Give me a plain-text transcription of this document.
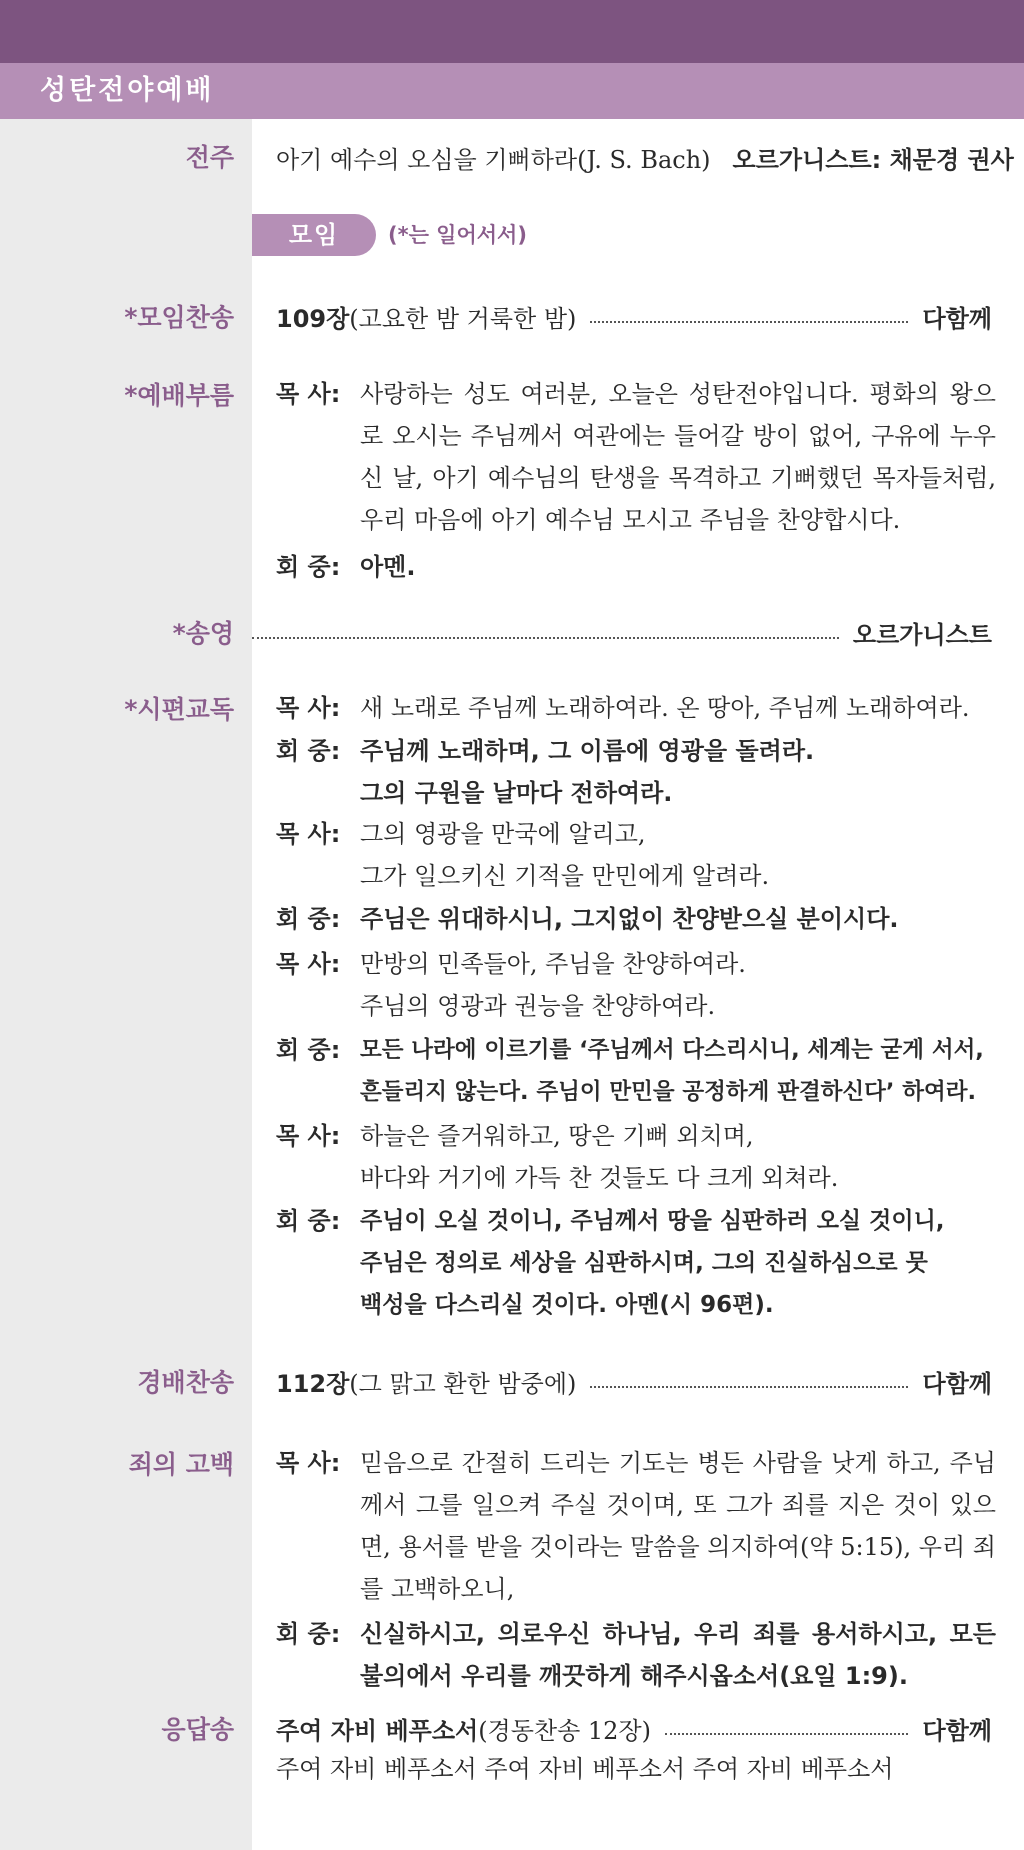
성탄전야예배
전주 아기 예수의 오심을 기뻐하라(J. S. Bach) 오르가니스트: 채문경 권사
모임	(*는 일어서서)
*모임찬송 109장 (고요한 밤 거룩한 밤)	다함께
*예배부름 목 사: 사랑하는 성도 여러분, 오늘은 성탄전야입니다. 평화의 왕으로 오시는 주님께서 여관에는 들어갈 방이 없어, 구유에 누우신 날, 아기 예수님의 탄생을 목격하고 기뻐했던 목자들처럼, 우리 마음에 아기 예수님 모시고 주님을 찬양합시다.
회 중: 아멘.
*송영	오르가니스트
*시편교독 목 사: 새 노래로 주님께 노래하여라. 온 땅아, 주님께 노래하여라.
회 중: 주님께 노래하며, 그 이름에 영광을 돌려라.
그의 구원을 날마다 전하여라.
목 사: 그의 영광을 만국에 알리고,
그가 일으키신 기적을 만민에게 알려라.
회 중: 주님은 위대하시니, 그지없이 찬양받으실 분이시다.
목 사: 만방의 민족들아, 주님을 찬양하여라.
주님의 영광과 권능을 찬양하여라.
회 중: 모든 나라에 이르기를 ‘주님께서 다스리시니, 세계는 굳게 서서,
흔들리지 않는다. 주님이 만민을 공정하게 판결하신다’ 하여라.
목 사: 하늘은 즐거워하고, 땅은 기뻐 외치며,
바다와 거기에 가득 찬 것들도 다 크게 외쳐라.
회 중: 주님이 오실 것이니, 주님께서 땅을 심판하러 오실 것이니,
주님은 정의로 세상을 심판하시며, 그의 진실하심으로 뭇
백성을 다스리실 것이다. 아멘(시 96편).
경배찬송 112장 (그 맑고 환한 밤중에)	다함께
죄의 고백 목 사: 믿음으로 간절히 드리는 기도는 병든 사람을 낫게 하고, 주님께서 그를 일으켜 주실 것이며, 또 그가 죄를 지은 것이 있으면, 용서를 받을 것이라는 말씀을 의지하여(약 5:15), 우리 죄를 고백하오니,
회 중: 신실하시고, 의로우신 하나님, 우리 죄를 용서하시고, 모든 불의에서 우리를 깨끗하게 해주시옵소서(요일 1:9).
응답송 주여 자비 베푸소서 (경동찬송 12장)	다함께
주여 자비 베푸소서 주여 자비 베푸소서 주여 자비 베푸소서
